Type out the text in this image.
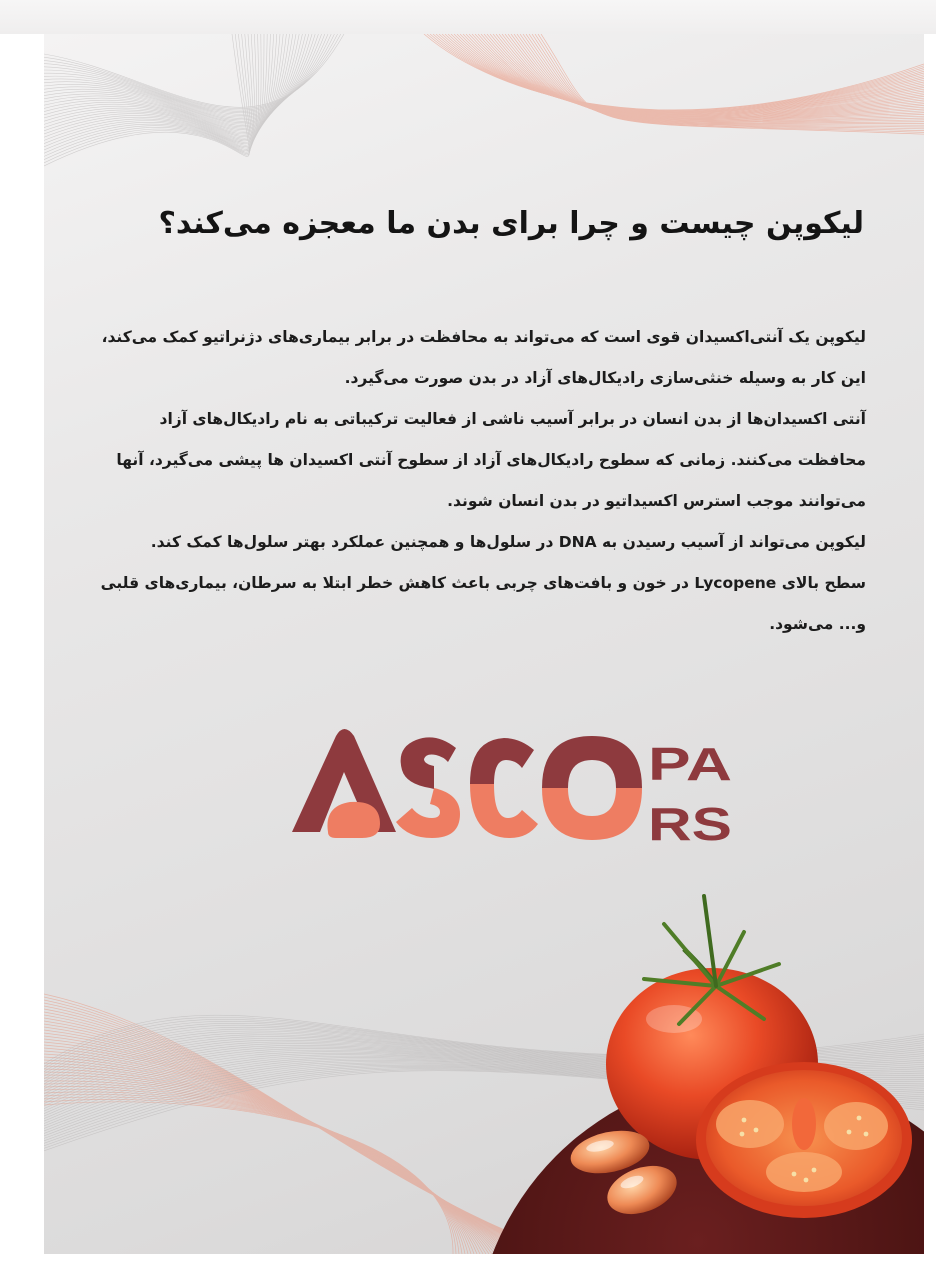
لیکوپن چیست و چرا برای بدن ما معجزه می‌کند؟

لیکوپن یک آنتی‌اکسیدان قوی است که می‌تواند به محافظت در برابر بیماری‌های دژنراتیو کمک می‌کند، این کار به وسیله خنثی‌سازی رادیکال‌های آزاد در بدن صورت می‌گیرد.

آنتی اکسیدان‌ها از بدن انسان در برابر آسیب ناشی از فعالیت ترکیباتی به نام رادیکال‌های آزاد محافظت می‌کنند. زمانی که سطوح رادیکال‌های آزاد از سطوح آنتی اکسیدان ها پیشی می‌گیرد، آنها می‌توانند موجب استرس اکسیداتیو در بدن انسان شوند.

لیکوپن می‌تواند از آسیب رسیدن به DNA در سلول‌ها و همچنین عملکرد بهتر سلول‌ها کمک کند.

سطح بالای Lycopene در خون و بافت‌های چربی باعث کاهش خطر ابتلا به سرطان، بیماری‌های قلبی و... می‌شود.

PA
RS
